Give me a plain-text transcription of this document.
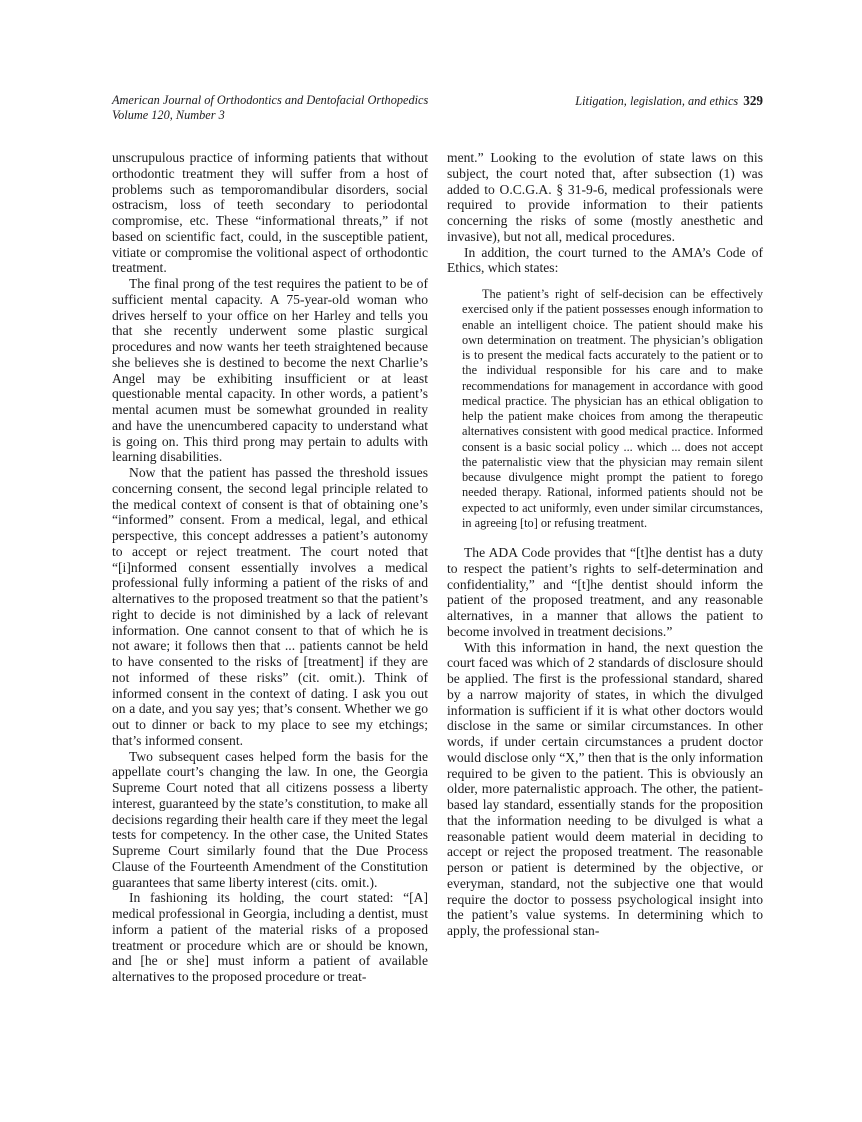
American Journal of Orthodontics and Dentofacial Orthopedics
Volume 120, Number 3
Litigation, legislation, and ethics 329

unscrupulous practice of informing patients that without orthodontic treatment they will suffer from a host of problems such as temporomandibular disorders, social ostracism, loss of teeth secondary to periodontal compromise, etc. These “informational threats,” if not based on scientific fact, could, in the susceptible patient, vitiate or compromise the volitional aspect of orthodontic treatment.

The final prong of the test requires the patient to be of sufficient mental capacity. A 75-year-old woman who drives herself to your office on her Harley and tells you that she recently underwent some plastic surgical procedures and now wants her teeth straightened because she believes she is destined to become the next Charlie’s Angel may be exhibiting insufficient or at least questionable mental capacity. In other words, a patient’s mental acumen must be somewhat grounded in reality and have the unencumbered capacity to understand what is going on. This third prong may pertain to adults with learning disabilities.

Now that the patient has passed the threshold issues concerning consent, the second legal principle related to the medical context of consent is that of obtaining one’s “informed” consent. From a medical, legal, and ethical perspective, this concept addresses a patient’s autonomy to accept or reject treatment. The court noted that “[i]nformed consent essentially involves a medical professional fully informing a patient of the risks of and alternatives to the proposed treatment so that the patient’s right to decide is not diminished by a lack of relevant information. One cannot consent to that of which he is not aware; it follows then that ... patients cannot be held to have consented to the risks of [treatment] if they are not informed of these risks” (cit. omit.). Think of informed consent in the context of dating. I ask you out on a date, and you say yes; that’s consent. Whether we go out to dinner or back to my place to see my etchings; that’s informed consent.

Two subsequent cases helped form the basis for the appellate court’s changing the law. In one, the Georgia Supreme Court noted that all citizens possess a liberty interest, guaranteed by the state’s constitution, to make all decisions regarding their health care if they meet the legal tests for competency. In the other case, the United States Supreme Court similarly found that the Due Process Clause of the Fourteenth Amendment of the Constitution guarantees that same liberty interest (cits. omit.).

In fashioning its holding, the court stated: “[A] medical professional in Georgia, including a dentist, must inform a patient of the material risks of a proposed treatment or procedure which are or should be known, and [he or she] must inform a patient of available alternatives to the proposed procedure or treat-

ment.” Looking to the evolution of state laws on this subject, the court noted that, after subsection (1) was added to O.C.G.A. § 31-9-6, medical professionals were required to provide information to their patients concerning the risks of some (mostly anesthetic and invasive), but not all, medical procedures.

In addition, the court turned to the AMA’s Code of Ethics, which states:

The patient’s right of self-decision can be effectively exercised only if the patient possesses enough information to enable an intelligent choice. The patient should make his own determination on treatment. The physician’s obligation is to present the medical facts accurately to the patient or to the individual responsible for his care and to make recommendations for management in accordance with good medical practice. The physician has an ethical obligation to help the patient make choices from among the therapeutic alternatives consistent with good medical practice. Informed consent is a basic social policy ... which ... does not accept the paternalistic view that the physician may remain silent because divulgence might prompt the patient to forego needed therapy. Rational, informed patients should not be expected to act uniformly, even under similar circumstances, in agreeing [to] or refusing treatment.

The ADA Code provides that “[t]he dentist has a duty to respect the patient’s rights to self-determination and confidentiality,” and “[t]he dentist should inform the patient of the proposed treatment, and any reasonable alternatives, in a manner that allows the patient to become involved in treatment decisions.”

With this information in hand, the next question the court faced was which of 2 standards of disclosure should be applied. The first is the professional standard, shared by a narrow majority of states, in which the divulged information is sufficient if it is what other doctors would disclose in the same or similar circumstances. In other words, if under certain circumstances a prudent doctor would disclose only “X,” then that is the only information required to be given to the patient. This is obviously an older, more paternalistic approach. The other, the patient-based lay standard, essentially stands for the proposition that the information needing to be divulged is what a reasonable patient would deem material in deciding to accept or reject the proposed treatment. The reasonable person or patient is determined by the objective, or everyman, standard, not the subjective one that would require the doctor to possess psychological insight into the patient’s value systems. In determining which to apply, the professional stan-
